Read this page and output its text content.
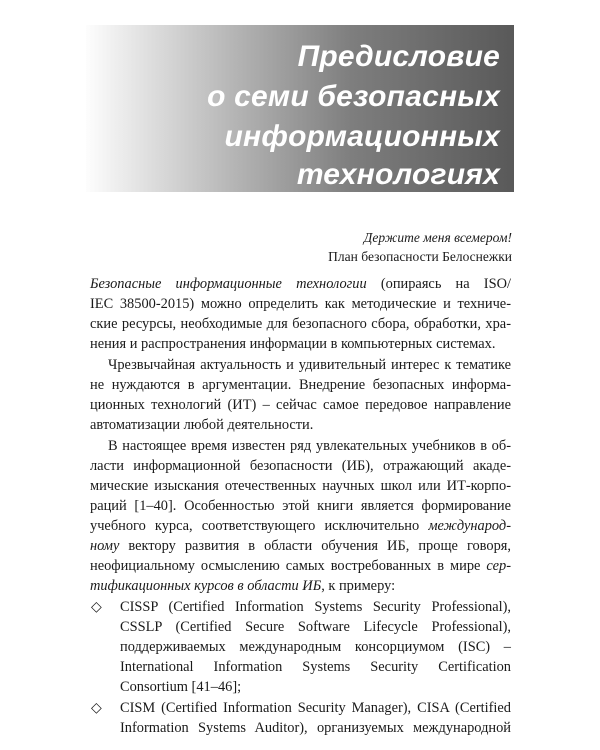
Предисловие
о семи безопасных
информационных
технологиях
Держите меня всемером!
План безопасности Белоснежки
Безопасные информационные технологии (опираясь на ISO/
IEC 38500-2015) можно определить как методические и техниче-
ские ресурсы, необходимые для безопасного сбора, обработки, хра-
нения и распространения информации в компьютерных системах.
Чрезвычайная актуальность и удивительный интерес к тематике
не нуждаются в аргументации. Внедрение безопасных информа-
ционных технологий (ИТ) – сейчас самое передовое направление
автоматизации любой деятельности.
В настоящее время известен ряд увлекательных учебников в об-
ласти информационной безопасности (ИБ), отражающий акаде-
мические изыскания отечественных научных школ или ИТ-корпо-
раций [1–40]. Особенностью этой книги является формирование
учебного курса, соответствующего исключительно международ-
ному вектору развития в области обучения ИБ, проще говоря,
неофициальному осмыслению самых востребованных в мире сер-
тификационных курсов в области ИБ, к примеру:
◇ CISSP (Certified Information Systems Security Professional),
CSSLP (Certified Secure Software Lifecycle Professional),
поддерживаемых международным консорциумом (ISC) –
International Information Systems Security Certification
Consortium [41–46];
◇ CISM (Certified Information Security Manager), CISA (Certified
Information Systems Auditor), организуемых международной
